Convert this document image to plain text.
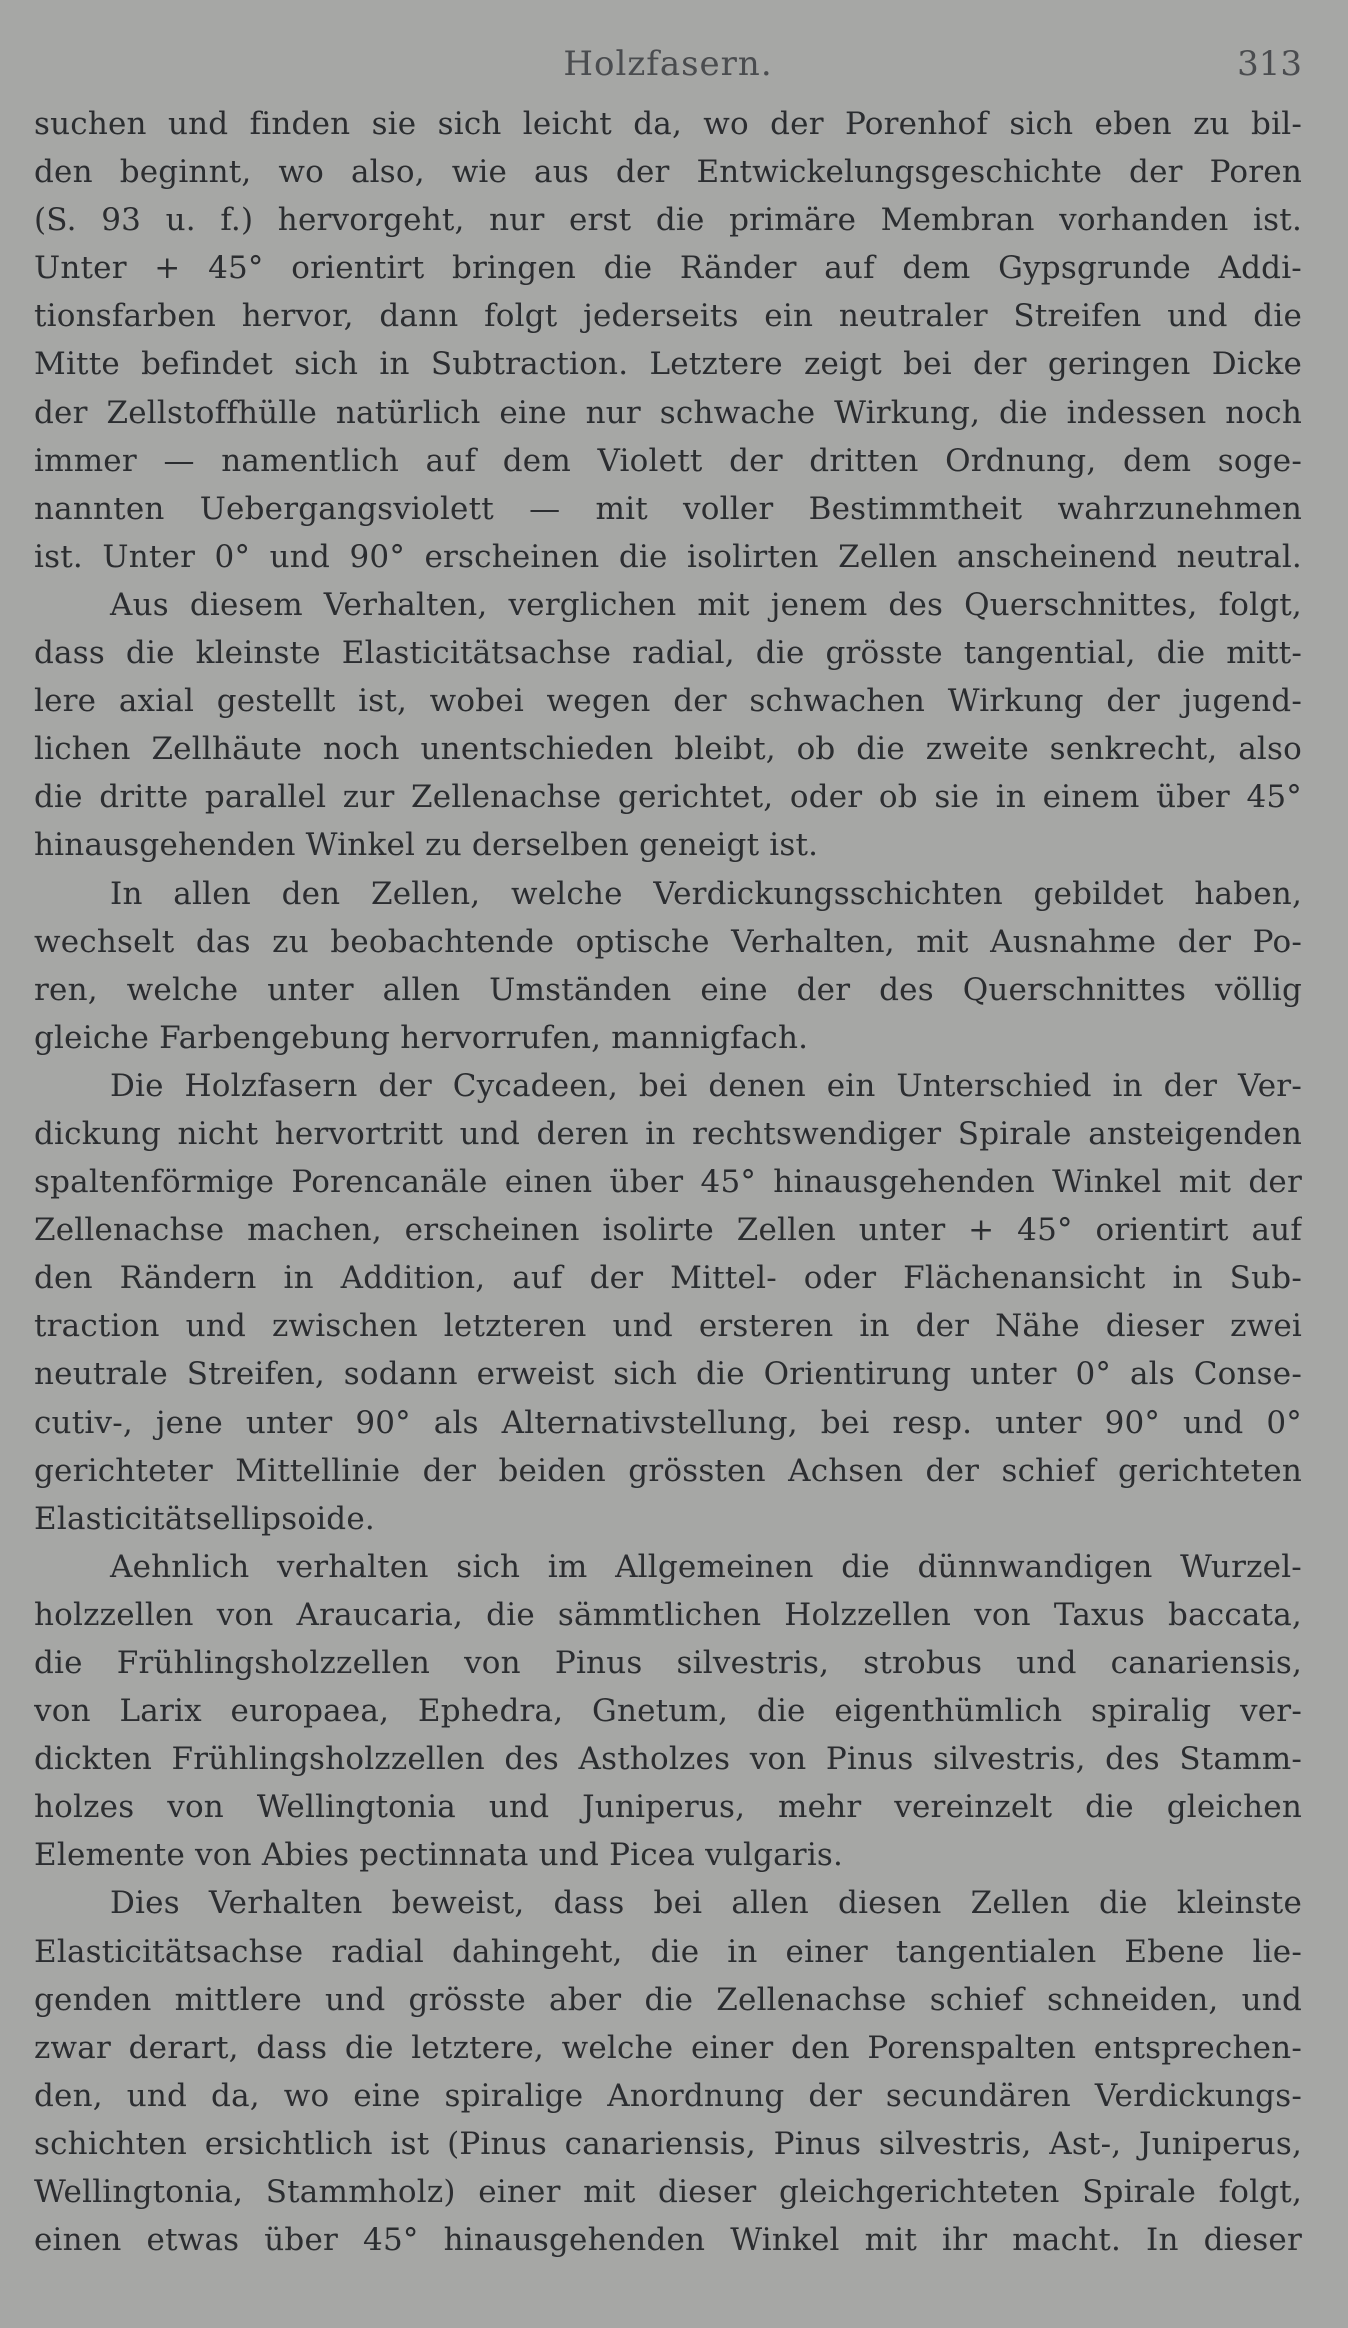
Holzfasern.	313
suchen und finden sie sich leicht da, wo der Porenhof sich eben zu bil-
den beginnt, wo also, wie aus der Entwickelungsgeschichte der Poren
(S. 93 u. f.) hervorgeht, nur erst die primäre Membran vorhanden ist.
Unter + 45° orientirt bringen die Ränder auf dem Gypsgrunde Addi-
tionsfarben hervor, dann folgt jederseits ein neutraler Streifen und die
Mitte befindet sich in Subtraction. Letztere zeigt bei der geringen Dicke
der Zellstoffhülle natürlich eine nur schwache Wirkung, die indessen noch
immer — namentlich auf dem Violett der dritten Ordnung, dem soge-
nannten Uebergangsviolett — mit voller Bestimmtheit wahrzunehmen
ist. Unter 0° und 90° erscheinen die isolirten Zellen anscheinend neutral.
Aus diesem Verhalten, verglichen mit jenem des Querschnittes, folgt,
dass die kleinste Elasticitätsachse radial, die grösste tangential, die mitt-
lere axial gestellt ist, wobei wegen der schwachen Wirkung der jugend-
lichen Zellhäute noch unentschieden bleibt, ob die zweite senkrecht, also
die dritte parallel zur Zellenachse gerichtet, oder ob sie in einem über 45°
hinausgehenden Winkel zu derselben geneigt ist.
In allen den Zellen, welche Verdickungsschichten gebildet haben,
wechselt das zu beobachtende optische Verhalten, mit Ausnahme der Po-
ren, welche unter allen Umständen eine der des Querschnittes völlig
gleiche Farbengebung hervorrufen, mannigfach.
Die Holzfasern der Cycadeen, bei denen ein Unterschied in der Ver-
dickung nicht hervortritt und deren in rechtswendiger Spirale ansteigenden
spaltenförmige Porencanäle einen über 45° hinausgehenden Winkel mit der
Zellenachse machen, erscheinen isolirte Zellen unter + 45° orientirt auf
den Rändern in Addition, auf der Mittel- oder Flächenansicht in Sub-
traction und zwischen letzteren und ersteren in der Nähe dieser zwei
neutrale Streifen, sodann erweist sich die Orientirung unter 0° als Conse-
cutiv-, jene unter 90° als Alternativstellung, bei resp. unter 90° und 0°
gerichteter Mittellinie der beiden grössten Achsen der schief gerichteten
Elasticitätsellipsoide.
Aehnlich verhalten sich im Allgemeinen die dünnwandigen Wurzel-
holzzellen von Araucaria, die sämmtlichen Holzzellen von Taxus baccata,
die Frühlingsholzzellen von Pinus silvestris, strobus und canariensis,
von Larix europaea, Ephedra, Gnetum, die eigenthümlich spiralig ver-
dickten Frühlingsholzzellen des Astholzes von Pinus silvestris, des Stamm-
holzes von Wellingtonia und Juniperus, mehr vereinzelt die gleichen
Elemente von Abies pectinnata und Picea vulgaris.
Dies Verhalten beweist, dass bei allen diesen Zellen die kleinste
Elasticitätsachse radial dahingeht, die in einer tangentialen Ebene lie-
genden mittlere und grösste aber die Zellenachse schief schneiden, und
zwar derart, dass die letztere, welche einer den Porenspalten entsprechen-
den, und da, wo eine spiralige Anordnung der secundären Verdickungs-
schichten ersichtlich ist (Pinus canariensis, Pinus silvestris, Ast-, Juniperus,
Wellingtonia, Stammholz) einer mit dieser gleichgerichteten Spirale folgt,
einen etwas über 45° hinausgehenden Winkel mit ihr macht. In dieser
